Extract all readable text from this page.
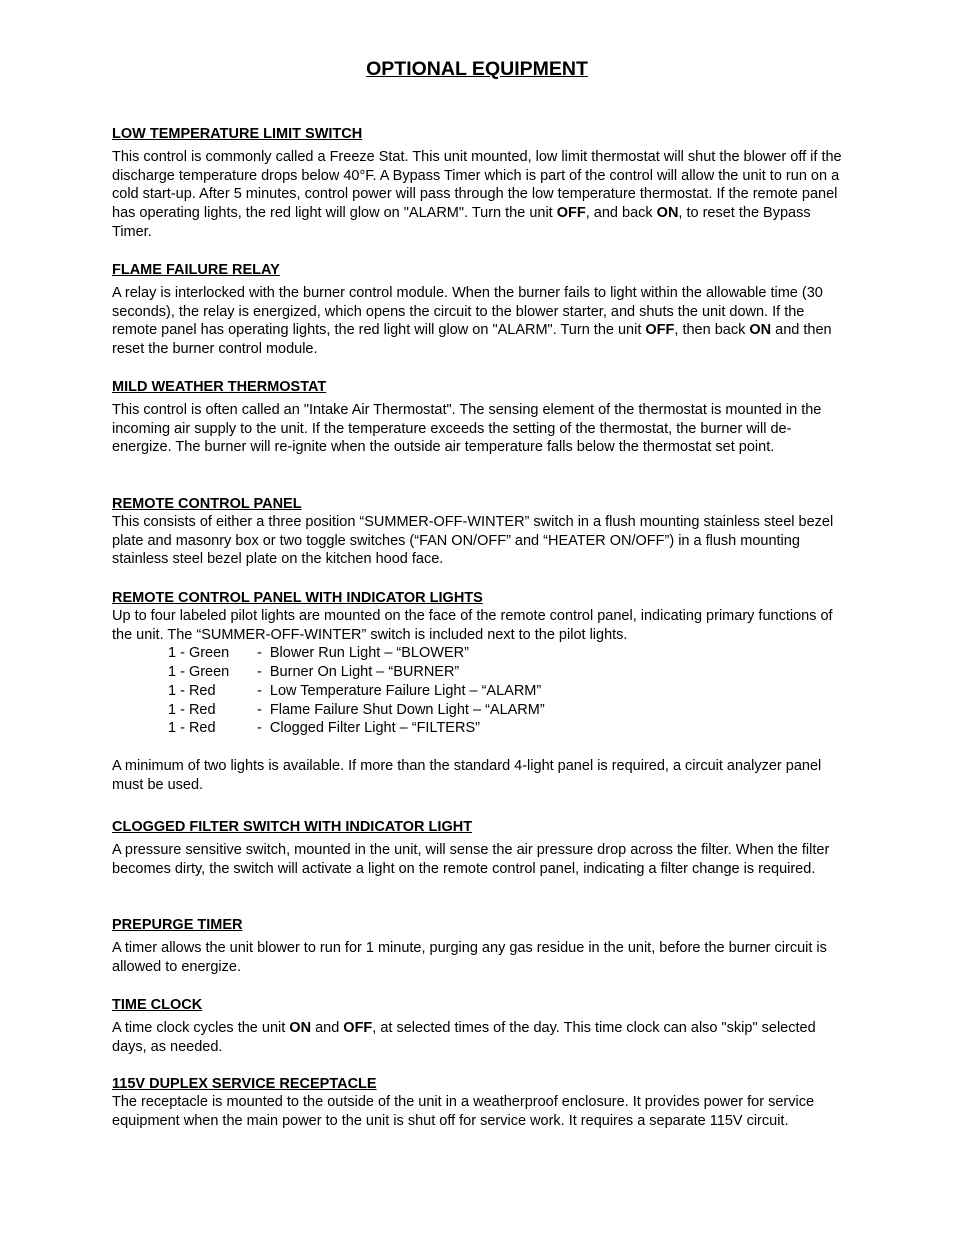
OPTIONAL EQUIPMENT
LOW TEMPERATURE LIMIT SWITCH

This control is commonly called a Freeze Stat. This unit mounted, low limit thermostat will shut the blower off if the discharge temperature drops below 40°F. A Bypass Timer which is part of the control will allow the unit to run on a cold start-up. After 5 minutes, control power will pass through the low temperature thermostat. If the remote panel has operating lights, the red light will glow on "ALARM". Turn the unit OFF, and back ON, to reset the Bypass Timer.

FLAME FAILURE RELAY

A relay is interlocked with the burner control module. When the burner fails to light within the allowable time (30 seconds), the relay is energized, which opens the circuit to the blower starter, and shuts the unit down. If the remote panel has operating lights, the red light will glow on "ALARM". Turn the unit OFF, then back ON and then reset the burner control module.

MILD WEATHER THERMOSTAT

This control is often called an "Intake Air Thermostat". The sensing element of the thermostat is mounted in the incoming air supply to the unit. If the temperature exceeds the setting of the thermostat, the burner will de-energize. The burner will re-ignite when the outside air temperature falls below the thermostat set point.

REMOTE CONTROL PANEL

This consists of either a three position “SUMMER-OFF-WINTER” switch in a flush mounting stainless steel bezel plate and masonry box or two toggle switches (“FAN ON/OFF” and “HEATER ON/OFF”) in a flush mounting stainless steel bezel plate on the kitchen hood face.

REMOTE CONTROL PANEL WITH INDICATOR LIGHTS

Up to four labeled pilot lights are mounted on the face of the remote control panel, indicating primary functions of the unit. The “SUMMER-OFF-WINTER” switch is included next to the pilot lights.

1 - Green	- Blower Run Light – “BLOWER”
1 - Green	- Burner On Light – “BURNER”
1 - Red	- Low Temperature Failure Light – “ALARM”
1 - Red	- Flame Failure Shut Down Light – “ALARM”
1 - Red	- Clogged Filter Light – “FILTERS”

A minimum of two lights is available. If more than the standard 4-light panel is required, a circuit analyzer panel must be used.

CLOGGED FILTER SWITCH WITH INDICATOR LIGHT

A pressure sensitive switch, mounted in the unit, will sense the air pressure drop across the filter. When the filter becomes dirty, the switch will activate a light on the remote control panel, indicating a filter change is required.

PREPURGE TIMER

A timer allows the unit blower to run for 1 minute, purging any gas residue in the unit, before the burner circuit is allowed to energize.

TIME CLOCK

A time clock cycles the unit ON and OFF, at selected times of the day. This time clock can also "skip" selected days, as needed.

115V DUPLEX SERVICE RECEPTACLE

The receptacle is mounted to the outside of the unit in a weatherproof enclosure. It provides power for service equipment when the main power to the unit is shut off for service work. It requires a separate 115V circuit.
